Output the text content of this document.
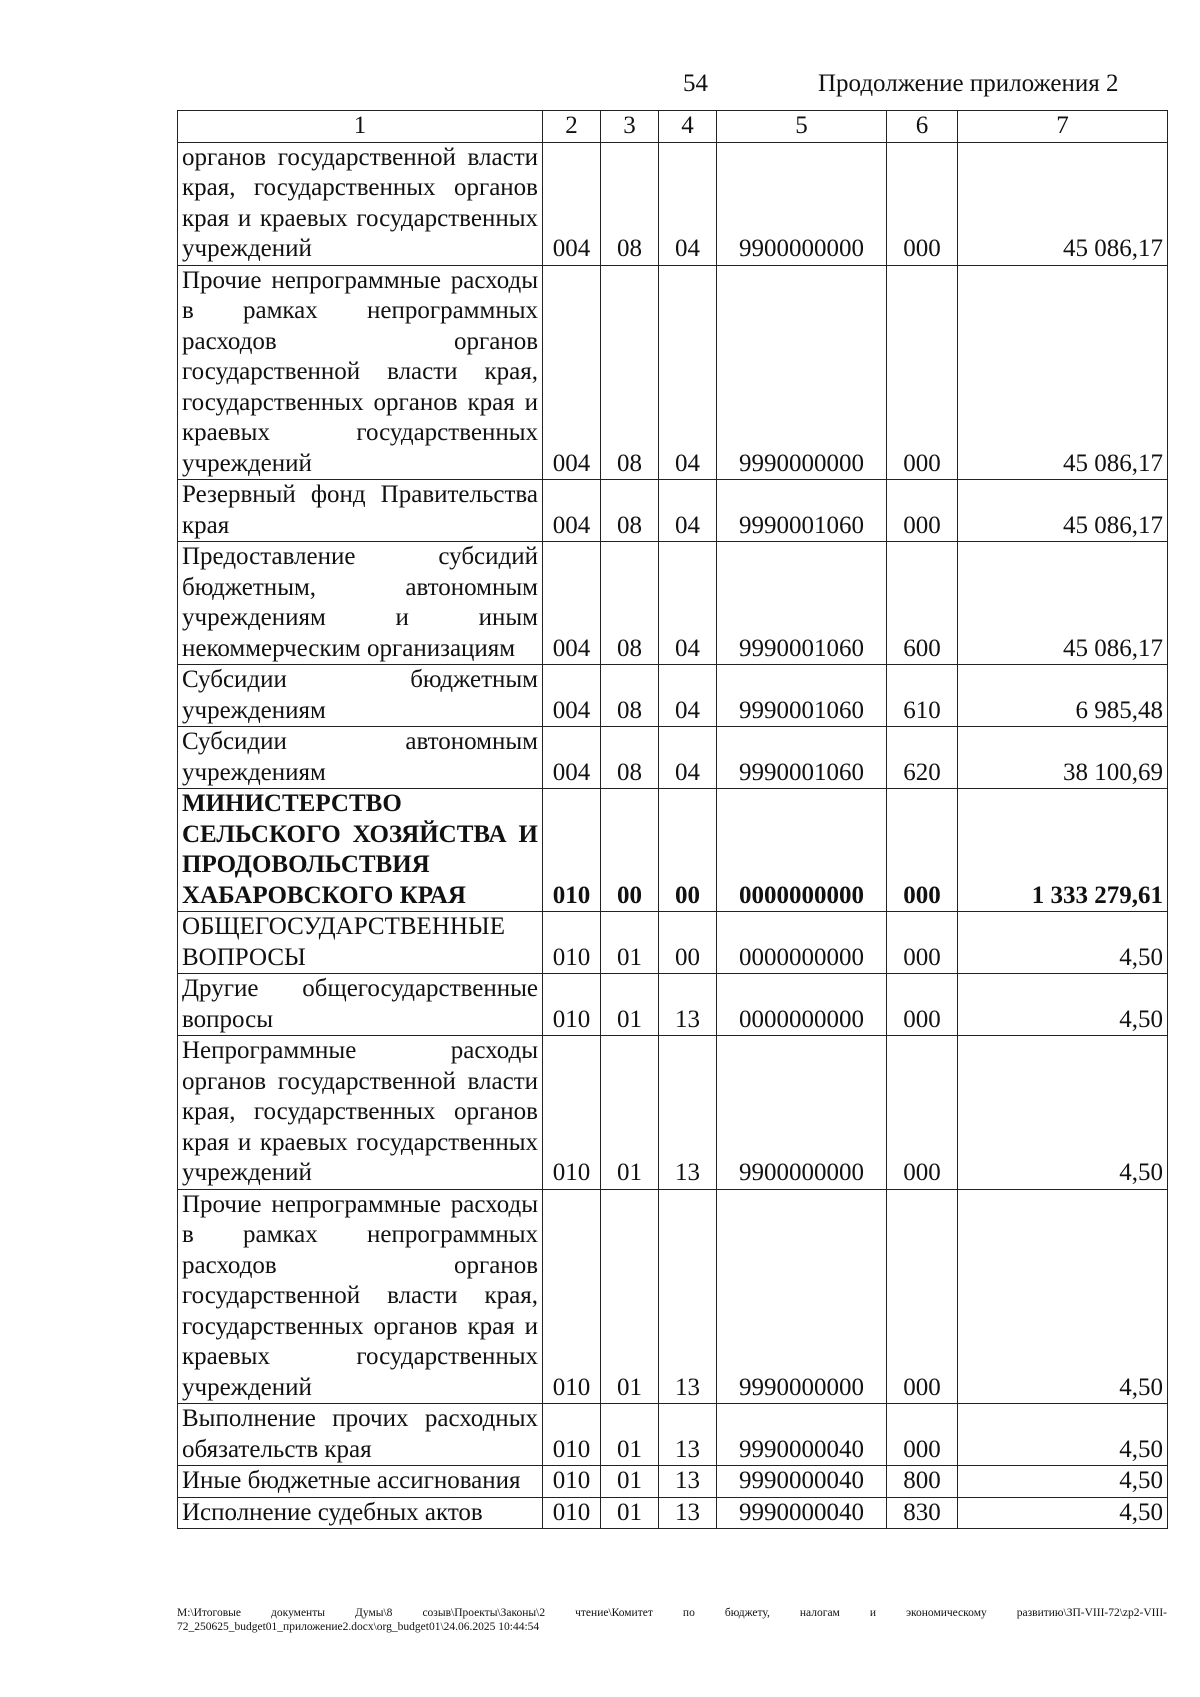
54	Продолжение приложения 2
1	2	3	4	5	6	7
органов государственной власти края, государственных органов края и краевых государственных учреждений	004	08	04	9900000000	000	45 086,17
Прочие непрограммные расходы в рамках непрограммных расходов органов государственной власти края, государственных органов края и краевых государственных учреждений	004	08	04	9990000000	000	45 086,17
Резервный фонд Правительства края	004	08	04	9990001060	000	45 086,17
Предоставление субсидий бюджетным, автономным учреждениям и иным некоммерческим организациям	004	08	04	9990001060	600	45 086,17
Субсидии бюджетным учреждениям	004	08	04	9990001060	610	6 985,48
Субсидии автономным учреждениям	004	08	04	9990001060	620	38 100,69
МИНИСТЕРСТВО СЕЛЬСКОГО ХОЗЯЙСТВА И ПРОДОВОЛЬСТВИЯ ХАБАРОВСКОГО КРАЯ	010	00	00	0000000000	000	1 333 279,61
ОБЩЕГОСУДАРСТВЕННЫЕ ВОПРОСЫ	010	01	00	0000000000	000	4,50
Другие общегосударственные вопросы	010	01	13	0000000000	000	4,50
Непрограммные расходы органов государственной власти края, государственных органов края и краевых государственных учреждений	010	01	13	9900000000	000	4,50
Прочие непрограммные расходы в рамках непрограммных расходов органов государственной власти края, государственных органов края и краевых государственных учреждений	010	01	13	9990000000	000	4,50
Выполнение прочих расходных обязательств края	010	01	13	9990000040	000	4,50
Иные бюджетные ассигнования	010	01	13	9990000040	800	4,50
Исполнение судебных актов	010	01	13	9990000040	830	4,50
М:\Итоговые документы Думы\8 созыв\Проекты\Законы\2 чтение\Комитет по бюджету, налогам и экономическому развитию\ЗП-VIII-72\zp2-VIII-72_250625_budget01_приложение2.docx\org_budget01\24.06.2025 10:44:54
